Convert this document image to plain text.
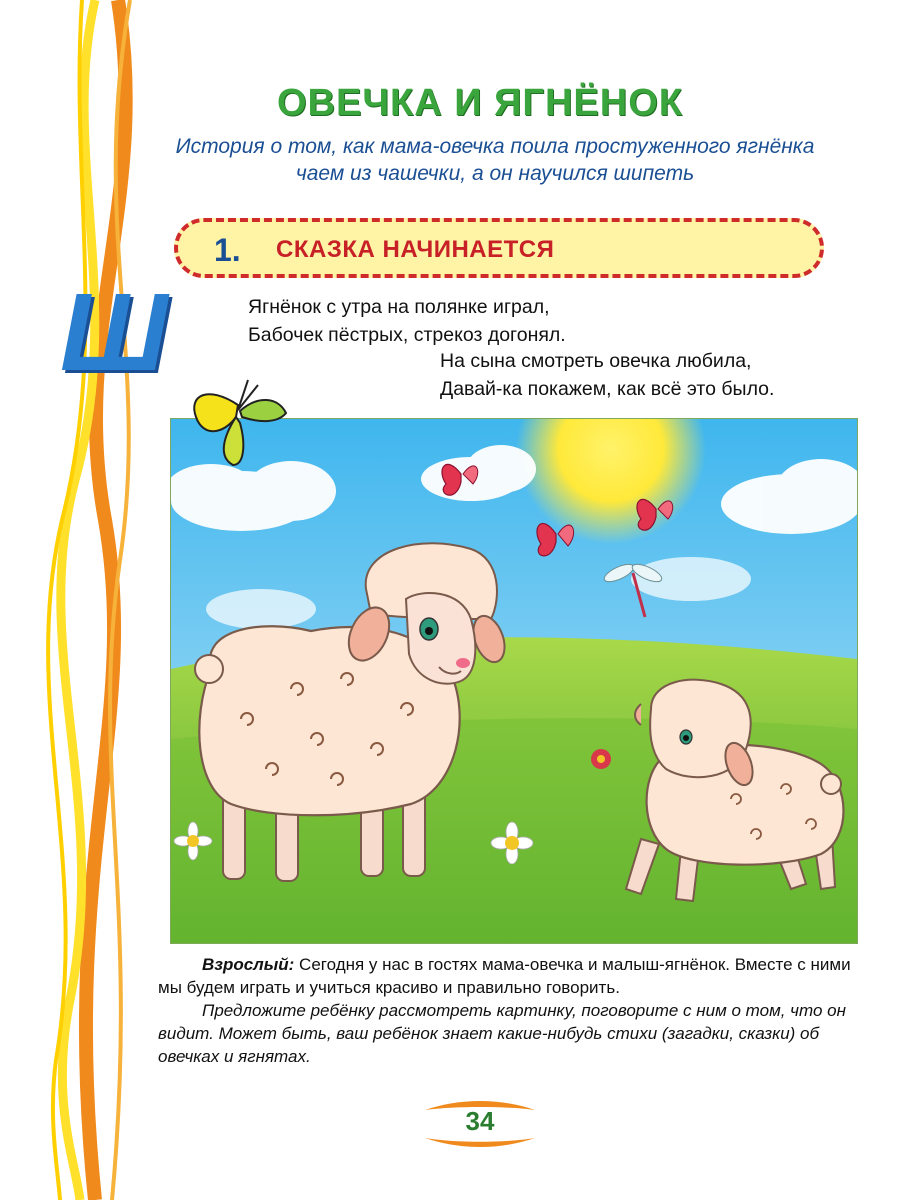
ОВЕЧКА И ЯГНЁНОК
История о том, как мама-овечка поила простуженного ягнёнка
чаем из чашечки, а он научился шипеть
1. СКАЗКА НАЧИНАЕТСЯ
Ш	Ягнёнок с утра на полянке играл,
Бабочек пёстрых, стрекоз догонял.
На сына смотреть овечка любила,
Давай-ка покажем, как всё это было.

Взрослый: Сегодня у нас в гостях мама-овечка и малыш-ягнёнок. Вместе с ними мы будем играть и учиться красиво и правильно говорить.

Предложите ребёнку рассмотреть картинку, поговорите с ним о том, что он видит. Может быть, ваш ребёнок знает какие-нибудь стихи (загадки, сказки) об овечках и ягнятах.

34
